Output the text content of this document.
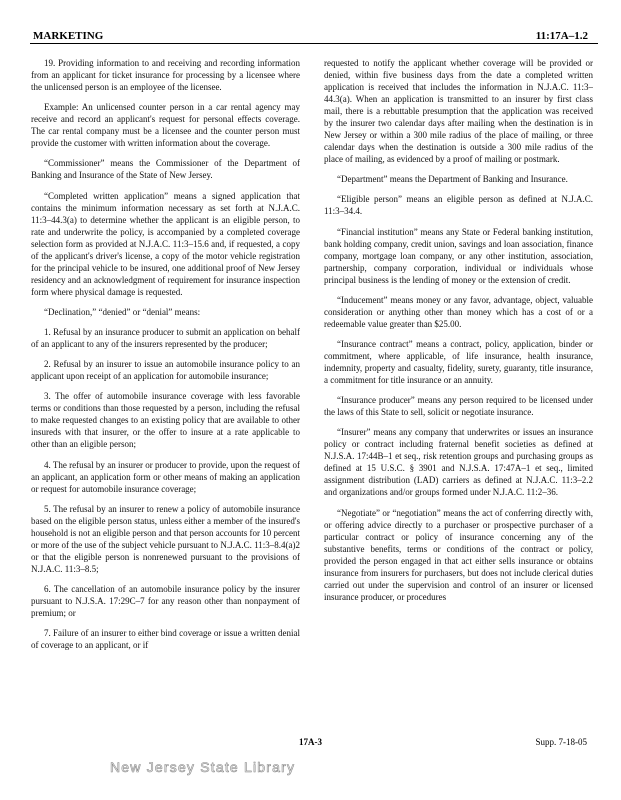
MARKETING	11:17A–1.2

19. Providing information to and receiving and recording information from an applicant for ticket insurance for processing by a licensee where the unlicensed person is an employee of the licensee.

Example: An unlicensed counter person in a car rental agency may receive and record an applicant's request for personal effects coverage. The car rental company must be a licensee and the counter person must provide the customer with written information about the coverage.

“Commissioner” means the Commissioner of the Department of Banking and Insurance of the State of New Jersey.

“Completed written application” means a signed application that contains the minimum information necessary as set forth at N.J.A.C. 11:3–44.3(a) to determine whether the applicant is an eligible person, to rate and underwrite the policy, is accompanied by a completed coverage selection form as provided at N.J.A.C. 11:3–15.6 and, if requested, a copy of the applicant's driver's license, a copy of the motor vehicle registration for the principal vehicle to be insured, one additional proof of New Jersey residency and an acknowledgment of requirement for insurance inspection form where physical damage is requested.

“Declination,” “denied” or “denial” means:

1. Refusal by an insurance producer to submit an application on behalf of an applicant to any of the insurers represented by the producer;

2. Refusal by an insurer to issue an automobile insurance policy to an applicant upon receipt of an application for automobile insurance;

3. The offer of automobile insurance coverage with less favorable terms or conditions than those requested by a person, including the refusal to make requested changes to an existing policy that are available to other insureds with that insurer, or the offer to insure at a rate applicable to other than an eligible person;

4. The refusal by an insurer or producer to provide, upon the request of an applicant, an application form or other means of making an application or request for automobile insurance coverage;

5. The refusal by an insurer to renew a policy of automobile insurance based on the eligible person status, unless either a member of the insured's household is not an eligible person and that person accounts for 10 percent or more of the use of the subject vehicle pursuant to N.J.A.C. 11:3–8.4(a)2 or that the eligible person is nonrenewed pursuant to the provisions of N.J.A.C. 11:3–8.5;

6. The cancellation of an automobile insurance policy by the insurer pursuant to N.J.S.A. 17:29C–7 for any reason other than nonpayment of premium; or

7. Failure of an insurer to either bind coverage or issue a written denial of coverage to an applicant, or if

requested to notify the applicant whether coverage will be provided or denied, within five business days from the date a completed written application is received that includes the information in N.J.A.C. 11:3–44.3(a). When an application is transmitted to an insurer by first class mail, there is a rebuttable presumption that the application was received by the insurer two calendar days after mailing when the destination is in New Jersey or within a 300 mile radius of the place of mailing, or three calendar days when the destination is outside a 300 mile radius of the place of mailing, as evidenced by a proof of mailing or postmark.

“Department” means the Department of Banking and Insurance.

“Eligible person” means an eligible person as defined at N.J.A.C. 11:3–34.4.

“Financial institution” means any State or Federal banking institution, bank holding company, credit union, savings and loan association, finance company, mortgage loan company, or any other institution, association, partnership, company corporation, individual or individuals whose principal business is the lending of money or the extension of credit.

“Inducement” means money or any favor, advantage, object, valuable consideration or anything other than money which has a cost of or a redeemable value greater than $25.00.

“Insurance contract” means a contract, policy, application, binder or commitment, where applicable, of life insurance, health insurance, indemnity, property and casualty, fidelity, surety, guaranty, title insurance, a commitment for title insurance or an annuity.

“Insurance producer” means any person required to be licensed under the laws of this State to sell, solicit or negotiate insurance.

“Insurer” means any company that underwrites or issues an insurance policy or contract including fraternal benefit societies as defined at N.J.S.A. 17:44B–1 et seq., risk retention groups and purchasing groups as defined at 15 U.S.C. § 3901 and N.J.S.A. 17:47A–1 et seq., limited assignment distribution (LAD) carriers as defined at N.J.A.C. 11:3–2.2 and organizations and/or groups formed under N.J.A.C. 11:2–36.

“Negotiate” or “negotiation” means the act of conferring directly with, or offering advice directly to a purchaser or prospective purchaser of a particular contract or policy of insurance concerning any of the substantive benefits, terms or conditions of the contract or policy, provided the person engaged in that act either sells insurance or obtains insurance from insurers for purchasers, but does not include clerical duties carried out under the supervision and control of an insurer or licensed insurance producer, or procedures

17A-3	Supp. 7-18-05
New Jersey State Library
